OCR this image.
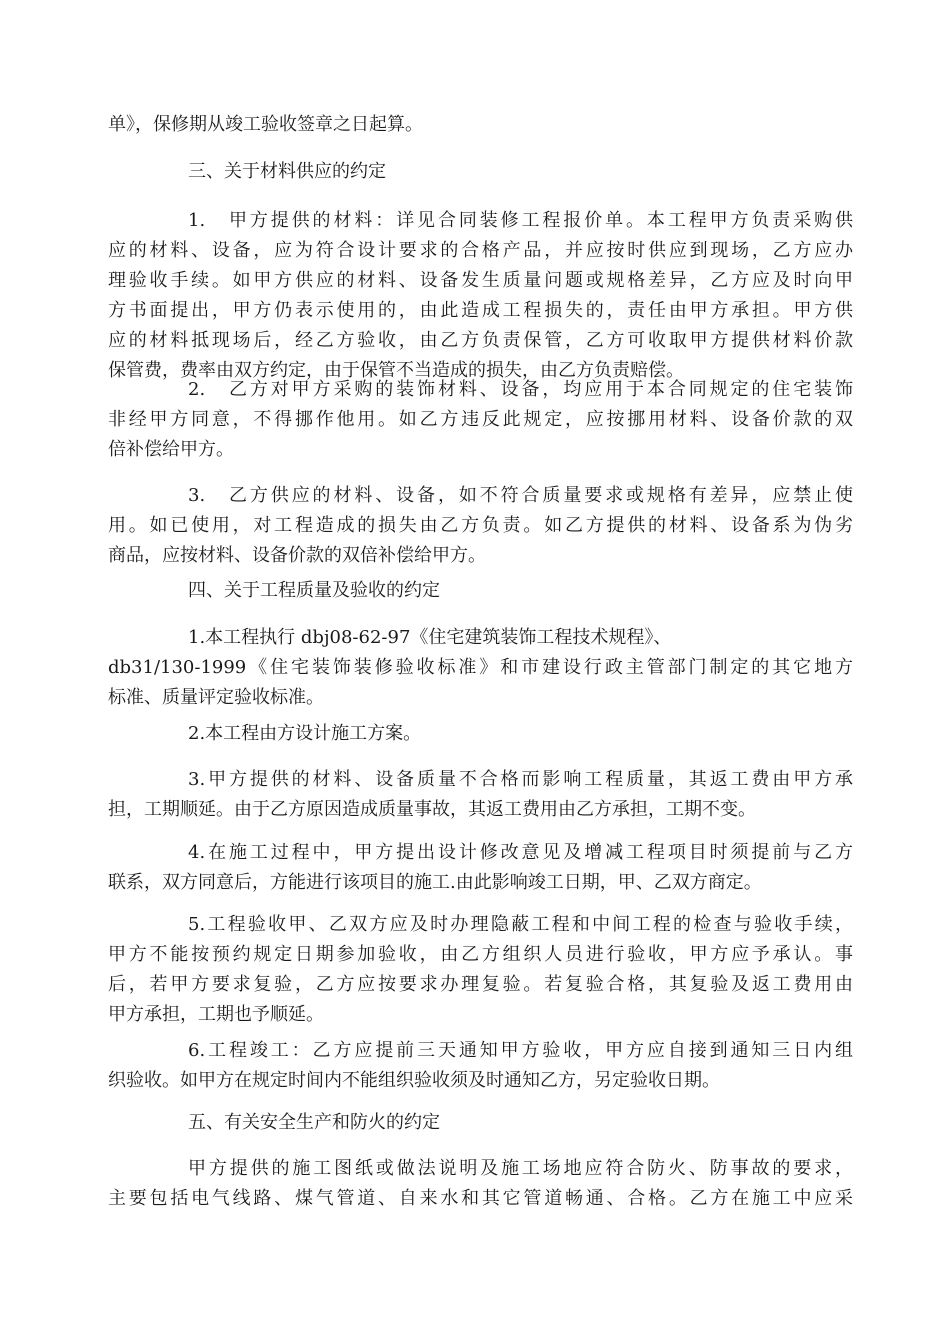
单》，保修期从竣工验收签章之日起算。
三、关于材料供应的约定
1.　甲方提供的材料：详见合同装修工程报价单。本工程甲方负责采购供
应的材料、设备，应为符合设计要求的合格产品，并应按时供应到现场，乙方应办
理验收手续。如甲方供应的材料、设备发生质量问题或规格差异，乙方应及时向甲
方书面提出，甲方仍表示使用的，由此造成工程损失的，责任由甲方承担。甲方供
应的材料抵现场后，经乙方验收，由乙方负责保管，乙方可收取甲方提供材料价款
保管费，费率由双方约定，由于保管不当造成的损失，由乙方负责赔偿。
2.　乙方对甲方采购的装饰材料、设备，均应用于本合同规定的住宅装饰
非经甲方同意，不得挪作他用。如乙方违反此规定，应按挪用材料、设备价款的双
倍补偿给甲方。
3.　乙方供应的材料、设备，如不符合质量要求或规格有差异，应禁止使
用。如已使用，对工程造成的损失由乙方负责。如乙方提供的材料、设备系为伪劣
商品，应按材料、设备价款的双倍补偿给甲方。
四、关于工程质量及验收的约定
1.本工程执行 dbj08-62-97《住宅建筑装饰工程技术规程》、
db31/130-1999《住宅装饰装修验收标准》和市建设行政主管部门制定的其它地方
标准、质量评定验收标准。
2.本工程由方设计施工方案。
3.甲方提供的材料、设备质量不合格而影响工程质量，其返工费由甲方承
担，工期顺延。由于乙方原因造成质量事故，其返工费用由乙方承担，工期不变。
4.在施工过程中，甲方提出设计修改意见及增减工程项目时须提前与乙方
联系，双方同意后，方能进行该项目的施工.由此影响竣工日期，甲、乙双方商定。
5.工程验收甲、乙双方应及时办理隐蔽工程和中间工程的检查与验收手续，
甲方不能按预约规定日期参加验收，由乙方组织人员进行验收，甲方应予承认。事
后，若甲方要求复验，乙方应按要求办理复验。若复验合格，其复验及返工费用由
甲方承担，工期也予顺延。
6.工程竣工：乙方应提前三天通知甲方验收，甲方应自接到通知三日内组
织验收。如甲方在规定时间内不能组织验收须及时通知乙方，另定验收日期。
五、有关安全生产和防火的约定
甲方提供的施工图纸或做法说明及施工场地应符合防火、防事故的要求，
主要包括电气线路、煤气管道、自来水和其它管道畅通、合格。乙方在施工中应采
